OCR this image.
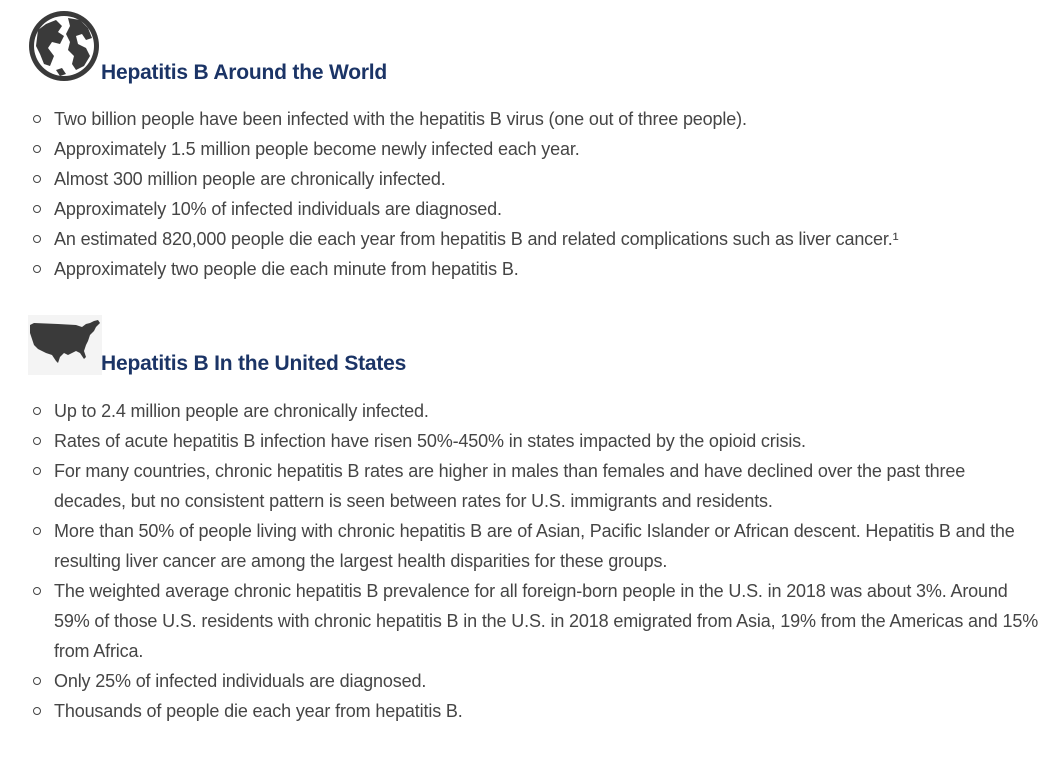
Hepatitis B Around the World
Two billion people have been infected with the hepatitis B virus (one out of three people).
Approximately 1.5 million people become newly infected each year.
Almost 300 million people are chronically infected.
Approximately 10% of infected individuals are diagnosed.
An estimated 820,000 people die each year from hepatitis B and related complications such as liver cancer.¹
Approximately two people die each minute from hepatitis B.
Hepatitis B In the United States
Up to 2.4 million people are chronically infected.
Rates of acute hepatitis B infection have risen 50%-450% in states impacted by the opioid crisis.
For many countries, chronic hepatitis B rates are higher in males than females and have declined over the past three decades, but no consistent pattern is seen between rates for U.S. immigrants and residents.
More than 50% of people living with chronic hepatitis B are of Asian, Pacific Islander or African descent. Hepatitis B and the resulting liver cancer are among the largest health disparities for these groups.
The weighted average chronic hepatitis B prevalence for all foreign-born people in the U.S. in 2018 was about 3%. Around 59% of those U.S. residents with chronic hepatitis B in the U.S. in 2018 emigrated from Asia, 19% from the Americas and 15% from Africa.
Only 25% of infected individuals are diagnosed.
Thousands of people die each year from hepatitis B.
